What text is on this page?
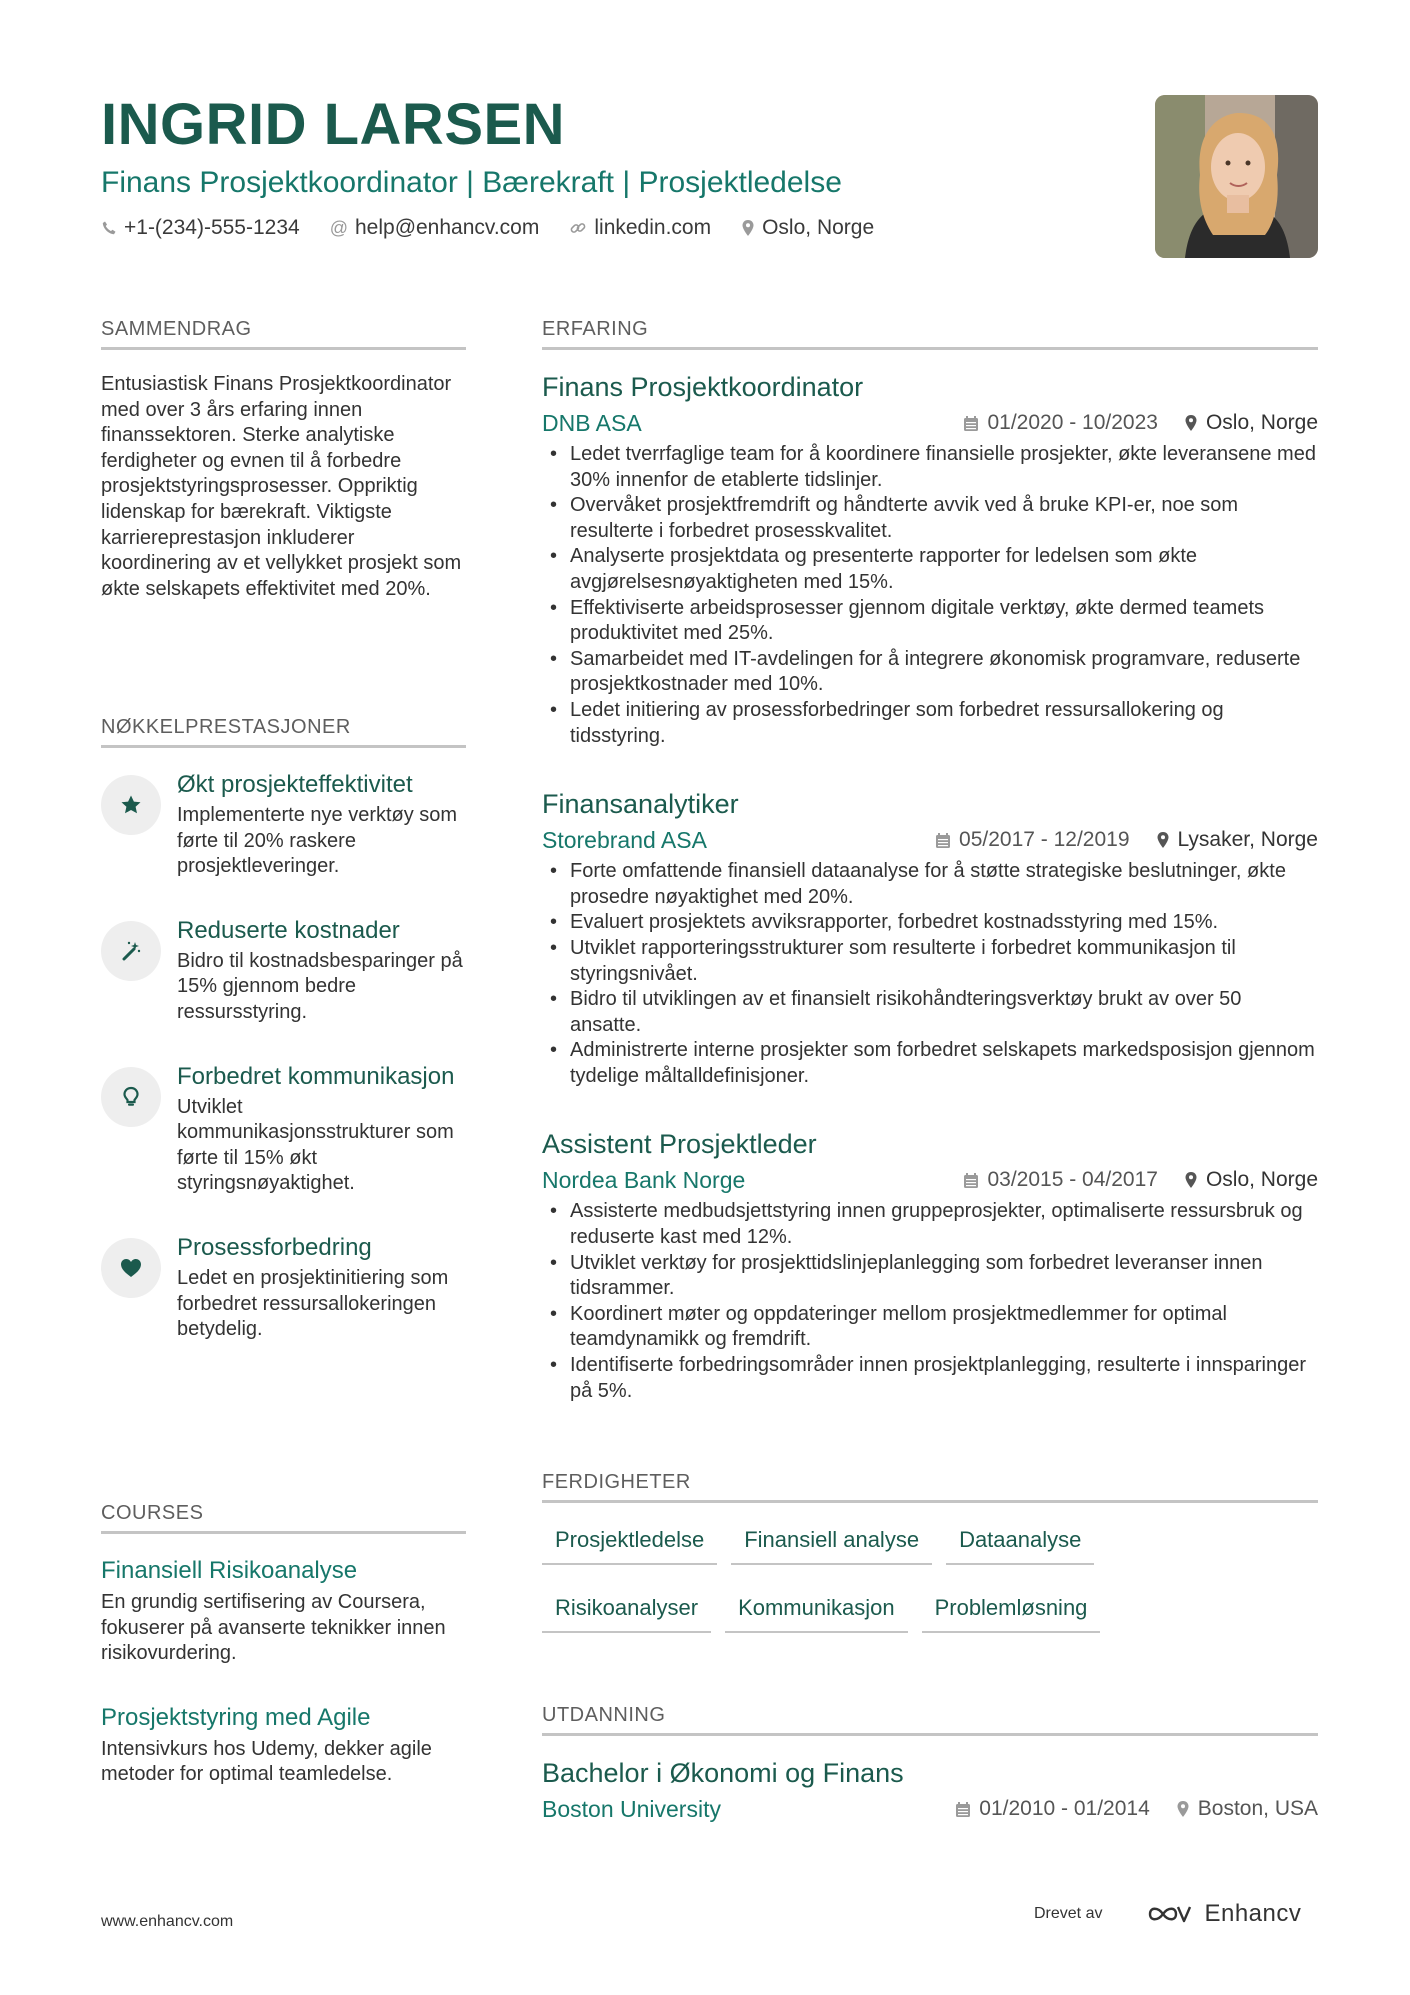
INGRID LARSEN
Finans Prosjektkoordinator | Bærekraft | Prosjektledelse
+1-(234)-555-1234 @ help@enhancv.com	linkedin.com Oslo, Norge
SAMMENDRAG
Entusiastisk Finans Prosjektkoordinator med over 3 års erfaring innen finanssektoren. Sterke analytiske ferdigheter og evnen til å forbedre prosjektstyringsprosesser. Oppriktig lidenskap for bærekraft. Viktigste karriereprestasjon inkluderer koordinering av et vellykket prosjekt som økte selskapets effektivitet med 20%.
NØKKELPRESTASJONER
Økt prosjekteffektivitet
Implementerte nye verktøy som førte til 20% raskere prosjektleveringer.
Reduserte kostnader
Bidro til kostnadsbesparinger på 15% gjennom bedre ressursstyring.
Forbedret kommunikasjon
Utviklet kommunikasjonsstrukturer som førte til 15% økt styringsnøyaktighet.
Prosessforbedring
Ledet en prosjektinitiering som forbedret ressursallokeringen betydelig.
COURSES
Finansiell Risikoanalyse
En grundig sertifisering av Coursera, fokuserer på avanserte teknikker innen risikovurdering.
Prosjektstyring med Agile
Intensivkurs hos Udemy, dekker agile metoder for optimal teamledelse.
ERFARING
Finans Prosjektkoordinator
DNB ASA	01/2020 - 10/2023 Oslo, Norge
• Ledet tverrfaglige team for å koordinere finansielle prosjekter, økte leveransene med 30% innenfor de etablerte tidslinjer.
• Overvåket prosjektfremdrift og håndterte avvik ved å bruke KPI-er, noe som resulterte i forbedret prosesskvalitet.
• Analyserte prosjektdata og presenterte rapporter for ledelsen som økte avgjørelsesnøyaktigheten med 15%.
• Effektiviserte arbeidsprosesser gjennom digitale verktøy, økte dermed teamets produktivitet med 25%.
• Samarbeidet med IT-avdelingen for å integrere økonomisk programvare, reduserte prosjektkostnader med 10%.
• Ledet initiering av prosessforbedringer som forbedret ressursallokering og tidsstyring.
Finansanalytiker
Storebrand ASA	05/2017 - 12/2019 Lysaker, Norge
• Forte omfattende finansiell dataanalyse for å støtte strategiske beslutninger, økte prosedre nøyaktighet med 20%.
• Evaluert prosjektets avviksrapporter, forbedret kostnadsstyring med 15%.
• Utviklet rapporteringsstrukturer som resulterte i forbedret kommunikasjon til styringsnivået.
• Bidro til utviklingen av et finansielt risikohåndteringsverktøy brukt av over 50 ansatte.
• Administrerte interne prosjekter som forbedret selskapets markedsposisjon gjennom tydelige måltalldefinisjoner.
Assistent Prosjektleder
Nordea Bank Norge	03/2015 - 04/2017 Oslo, Norge
• Assisterte medbudsjettstyring innen gruppeprosjekter, optimaliserte ressursbruk og reduserte kast med 12%.
• Utviklet verktøy for prosjekttidslinjeplanlegging som forbedret leveranser innen tidsrammer.
• Koordinert møter og oppdateringer mellom prosjektmedlemmer for optimal teamdynamikk og fremdrift.
• Identifiserte forbedringsområder innen prosjektplanlegging, resulterte i innsparinger på 5%.
FERDIGHETER
Prosjektledelse	Finansiell analyse	Dataanalyse
Risikoanalyser	Kommunikasjon	Problemløsning
UTDANNING
Bachelor i Økonomi og Finans
Boston University	01/2010 - 01/2014 Boston, USA
www.enhancv.com	Drevet av	Enhancv
